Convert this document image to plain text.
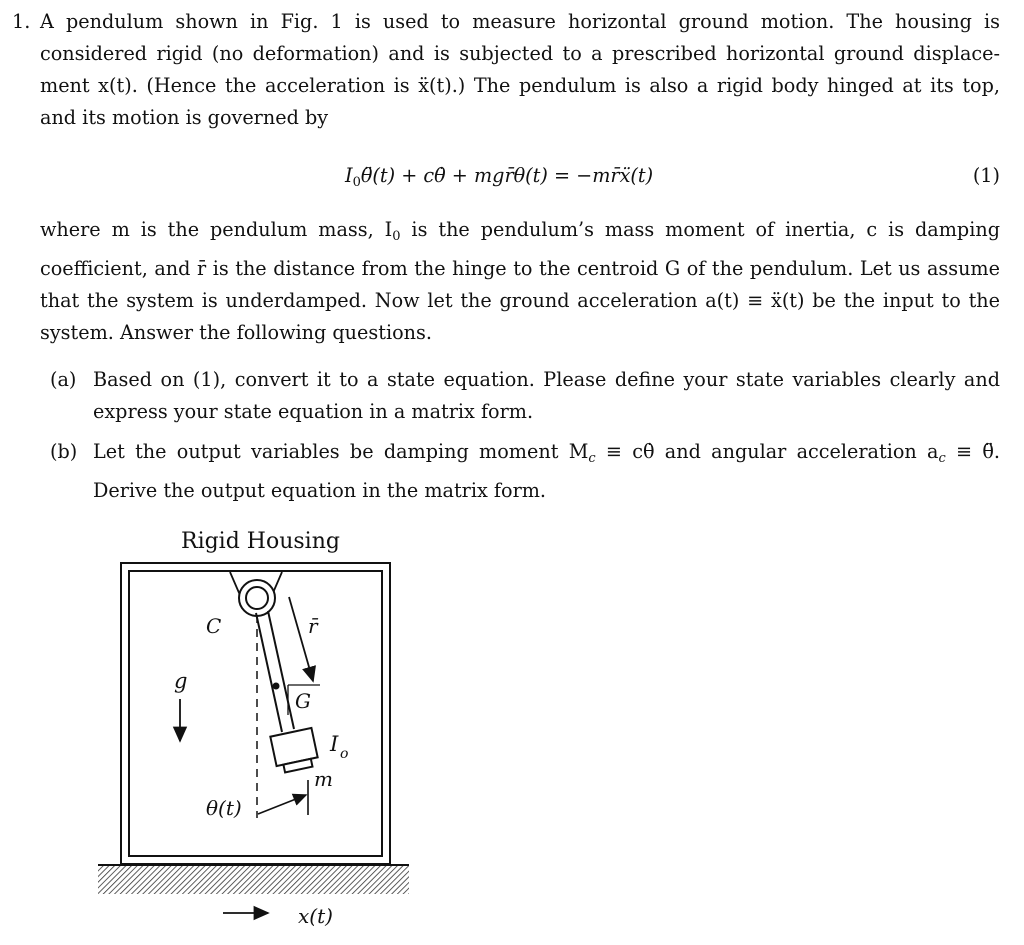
1. A pendulum shown in Fig. 1 is used to measure horizontal ground motion. The housing is considered rigid (no deformation) and is subjected to a prescribed horizontal ground displace- ment x(t). (Hence the acceleration is ẍ(t).) The pendulum is also a rigid body hinged at its top, and its motion is governed by
$I_0\thetä(t)$ + cθ̇ + mgr̄θ(t) = −mr̄ẍ(t)	(1)
where m is the pendulum mass, $I_0$ is the pendulum’s mass moment of inertia, c is damping coefficient, and r̄ is the distance from the hinge to the centroid G of the pendulum. Let us assume that the system is underdamped. Now let the ground acceleration a(t) ≡ ẍ(t) be the input to the system. Answer the following questions.
(a) Based on (1), convert it to a state equation. Please define your state variables clearly and express your state equation in a matrix form.
(b) Let the output variables be damping moment $M_c$ ≡ cθ̇ and angular acceleration $a_c$ ≡ θ̈. Derive the output equation in the matrix form.
Rigid Housing
G
r̄
C
g
I o
m
θ(t)
x(t)
